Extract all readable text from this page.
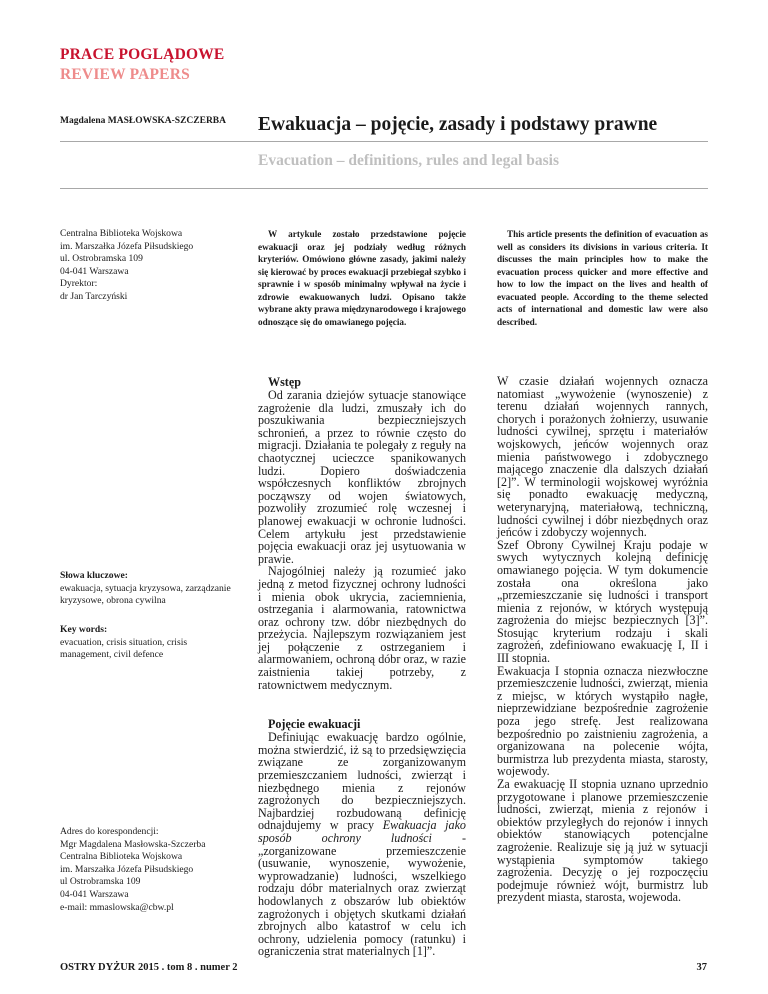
PRACE POGLĄDOWE
REVIEW PAPERS
Magdalena MASŁOWSKA-SZCZERBA Ewakuacja – pojęcie, zasady i podstawy prawne
Evacuation – definitions, rules and legal basis
Centralna Biblioteka Wojskowa
im. Marszałka Józefa Piłsudskiego
ul. Ostrobramska 109
04-041 Warszawa
Dyrektor:
dr Jan Tarczyński
Słowa kluczowe:
ewakuacja, sytuacja kryzysowa, zarządzanie kryzysowe, obrona cywilna
Key words:
evacuation, crisis situation, crisis management, civil defence
Adres do korespondencji:
Mgr Magdalena Masłowska-Szczerba
Centralna Biblioteka Wojskowa
im. Marszałka Józefa Piłsudskiego
ul Ostrobramska 109
04-041 Warszawa
e-mail: mmaslowska@cbw.pl
W artykule zostało przedstawione pojęcie ewakuacji oraz jej podziały według różnych kryteriów. Omówiono główne zasady, jakimi należy się kierować by proces ewakuacji przebiegał szybko i sprawnie i w sposób minimalny wpływał na życie i zdrowie ewakuowanych ludzi. Opisano także wybrane akty prawa międzynarodowego i krajowego odnoszące się do omawianego pojęcia.
This article presents the definition of evacuation as well as considers its divisions in various criteria. It discusses the main principles how to make the evacuation process quicker and more effective and how to low the impact on the lives and health of evacuated people. According to the theme selected acts of international and domestic law were also described.
Wstęp

Od zarania dziejów sytuacje stanowiące zagrożenie dla ludzi, zmuszały ich do poszukiwania bezpieczniejszych schronień, a przez to równie często do migracji. Działania te polegały z reguły na chaotycznej ucieczce spanikowanych ludzi. Dopiero doświadczenia współczesnych konfliktów zbrojnych począwszy od wojen światowych, pozwoliły zrozumieć rolę wczesnej i planowej ewakuacji w ochronie ludności. Celem artykułu jest przedstawienie pojęcia ewakuacji oraz jej usytuowania w prawie.

Najogólniej należy ją rozumieć jako jedną z metod fizycznej ochrony ludności i mienia obok ukrycia, zaciemnienia, ostrzegania i alarmowania, ratownictwa oraz ochrony tzw. dóbr niezbędnych do przeżycia. Najlepszym rozwiązaniem jest jej połączenie z ostrzeganiem i alarmowaniem, ochroną dóbr oraz, w razie zaistnienia takiej potrzeby, z ratownictwem medycznym.

Pojęcie ewakuacji

Definiując ewakuację bardzo ogólnie, można stwierdzić, iż są to przedsięwzięcia związane ze zorganizowanym przemieszczaniem ludności, zwierząt i niezbędnego mienia z rejonów zagrożonych do bezpieczniejszych. Najbardziej rozbudowaną definicję odnajdujemy w pracy Ewakuacja jako sposób ochrony ludności - „zorganizowane przemieszczenie (usuwanie, wynoszenie, wywożenie, wyprowadzanie) ludności, wszelkiego rodzaju dóbr materialnych oraz zwierząt hodowlanych z obszarów lub obiektów zagrożonych i objętych skutkami działań zbrojnych albo katastrof w celu ich ochrony, udzielenia pomocy (ratunku) i ograniczenia strat materialnych [1]”.

W czasie działań wojennych oznacza natomiast „wywożenie (wynoszenie) z terenu działań wojennych rannych, chorych i porażonych żołnierzy, usuwanie ludności cywilnej, sprzętu i materiałów wojskowych, jeńców wojennych oraz mienia państwowego i zdobycznego mającego znaczenie dla dalszych działań [2]”. W terminologii wojskowej wyróżnia się ponadto ewakuację medyczną, weterynaryjną, materiałową, techniczną, ludności cywilnej i dóbr niezbędnych oraz jeńców i zdobyczy wojennych.

Szef Obrony Cywilnej Kraju podaje w swych wytycznych kolejną definicję omawianego pojęcia. W tym dokumencie została ona określona jako „przemieszczanie się ludności i transport mienia z rejonów, w których występują zagrożenia do miejsc bezpiecznych [3]”. Stosując kryterium rodzaju i skali zagrożeń, zdefiniowano ewakuację I, II i III stopnia.

Ewakuacja I stopnia oznacza niezwłoczne przemieszczenie ludności, zwierząt, mienia z miejsc, w których wystąpiło nagłe, nieprzewidziane bezpośrednie zagrożenie poza jego strefę. Jest realizowana bezpośrednio po zaistnieniu zagrożenia, a organizowana na polecenie wójta, burmistrza lub prezydenta miasta, starosty, wojewody.

Za ewakuację II stopnia uznano uprzednio przygotowane i planowe przemieszczenie ludności, zwierząt, mienia z rejonów i obiektów przyległych do rejonów i innych obiektów stanowiących potencjalne zagrożenie. Realizuje się ją już w sytuacji wystąpienia symptomów takiego zagrożenia. Decyzję o jej rozpoczęciu podejmuje również wójt, burmistrz lub prezydent miasta, starosta, wojewoda.

OSTRY DYŻUR 2015 . tom 8 . numer 2	37
